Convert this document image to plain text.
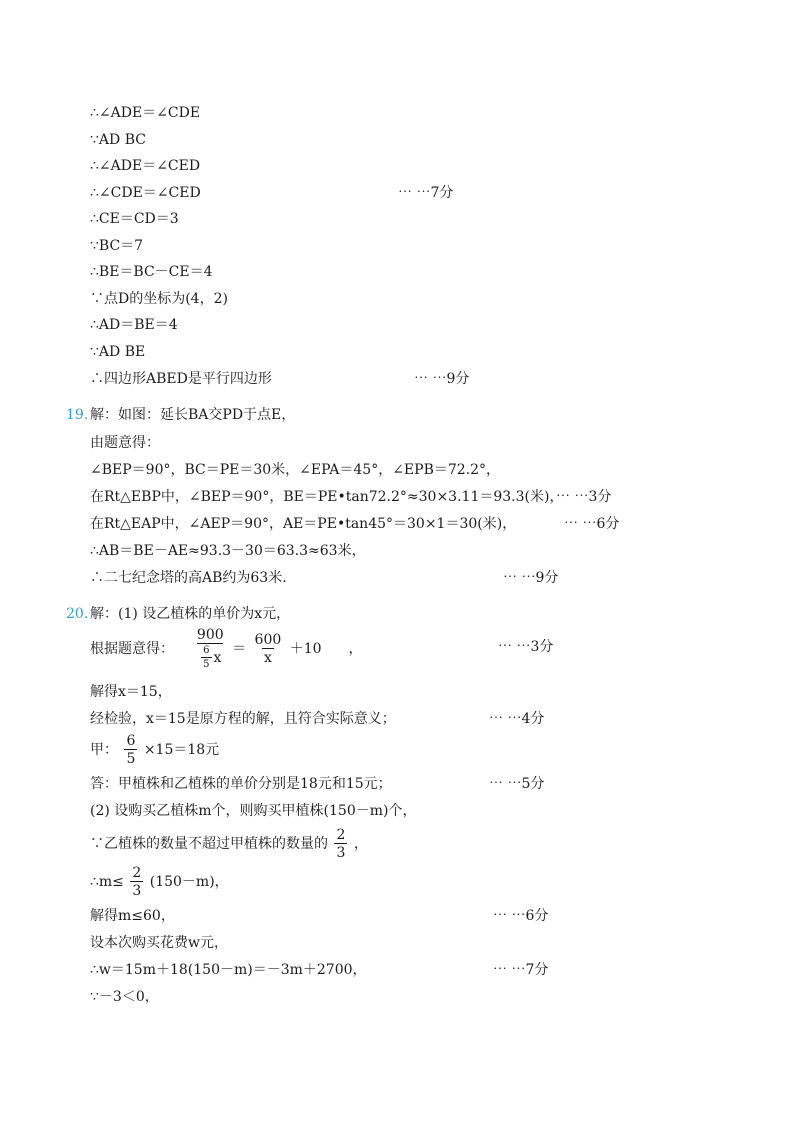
∴∠ADE＝∠CDE
∵AD BC
∴∠ADE＝∠CED
∴∠CDE＝∠CED	⋯ ⋯7分
∴CE＝CD＝3
∵BC＝7
∴BE＝BC－CE＝4
∵点D的坐标为(4，2)
∴AD＝BE＝4
∵AD BE
∴四边形ABED是平行四边形	⋯ ⋯9分
19. 解：如图：延长BA交PD于点E，
由题意得：
∠BEP＝90°，BC＝PE＝30米，∠EPA＝45°，∠EPB＝72.2°，
在Rt△EBP中，∠BEP＝90°，BE＝PE•tan72.2°≈30×3.11＝93.3(米)，
⋯ ⋯3分
在Rt△EAP中，∠AEP＝90°，AE＝PE•tan45°＝30×1＝30(米)，	⋯ ⋯6分
∴AB＝BE－AE≈93.3－30＝63.3≈63米，
∴二七纪念塔的高AB约为63米.	⋯ ⋯9分
20. 解：(1) 设乙植株的单价为x元，
根据题意得： $\frac{900}{\frac{6}{5} x} = \frac{600}{x} +10$ ，	⋯ ⋯3分
解得x＝15，
经检验，x＝15是原方程的解，且符合实际意义；	⋯ ⋯4分
甲： $\frac{6}{5} \times 15=18$元
答：甲植株和乙植株的单价分别是18元和15元；	⋯ ⋯5分
(2) 设购买乙植株m个，则购买甲植株(150－m)个，
∵乙植株的数量不超过甲植株的数量的 $\frac{2}{3}$ ，
∴m≤ $\frac{2}{3} (150-m)$，
解得m≤60，	⋯ ⋯6分
设本次购买花费w元，
∴w＝15m＋18(150－m)＝－3m＋2700，	⋯ ⋯7分
∵－3＜0，
